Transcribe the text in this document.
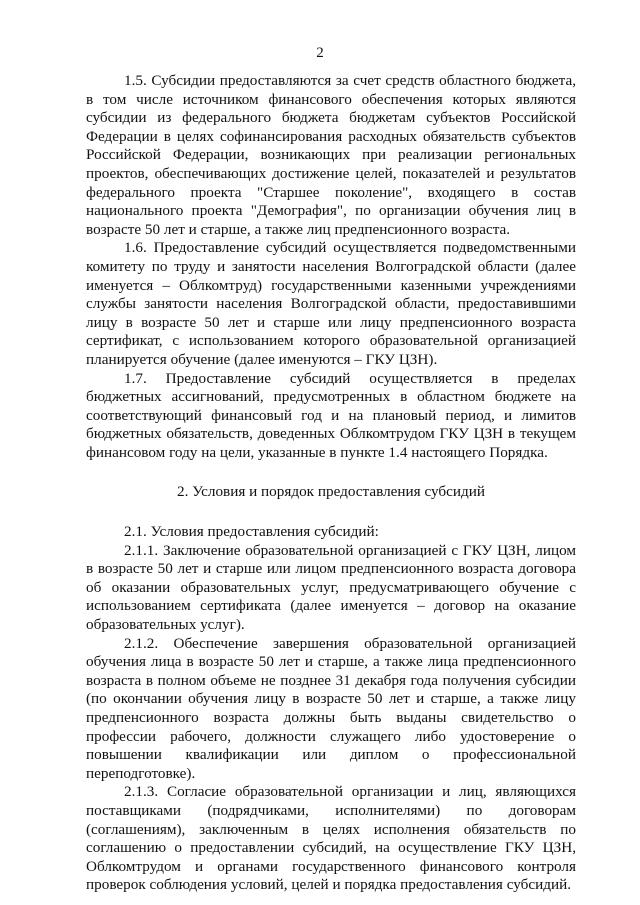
2

1.5. Субсидии предоставляются за счет средств областного бюджета, в том числе источником финансового обеспечения которых являются субсидии из федерального бюджета бюджетам субъектов Российской Федерации в целях софинансирования расходных обязательств субъектов Российской Федерации, возникающих при реализации региональных проектов, обеспечивающих достижение целей, показателей и результатов федерального проекта "Старшее поколение", входящего в состав национального проекта "Демография", по организации обучения лиц в возрасте 50 лет и старше, а также лиц предпенсионного возраста.

1.6. Предоставление субсидий осуществляется подведомственными комитету по труду и занятости населения Волгоградской области (далее именуется – Облкомтруд) государственными казенными учреждениями службы занятости населения Волгоградской области, предоставившими лицу в возрасте 50 лет и старше или лицу предпенсионного возраста сертификат, с использованием которого образовательной организацией планируется обучение (далее именуются – ГКУ ЦЗН).

1.7. Предоставление субсидий осуществляется в пределах бюджетных ассигнований, предусмотренных в областном бюджете на соответствующий финансовый год и на плановый период, и лимитов бюджетных обязательств, доведенных Облкомтрудом ГКУ ЦЗН в текущем финансовом году на цели, указанные в пункте 1.4 настоящего Порядка.

2. Условия и порядок предоставления субсидий

2.1. Условия предоставления субсидий:

2.1.1. Заключение образовательной организацией с ГКУ ЦЗН, лицом в возрасте 50 лет и старше или лицом предпенсионного возраста договора об оказании образовательных услуг, предусматривающего обучение с использованием сертификата (далее именуется – договор на оказание образовательных услуг).

2.1.2. Обеспечение завершения образовательной организацией обучения лица в возрасте 50 лет и старше, а также лица предпенсионного возраста в полном объеме не позднее 31 декабря года получения субсидии (по окончании обучения лицу в возрасте 50 лет и старше, а также лицу предпенсионного возраста должны быть выданы свидетельство о профессии рабочего, должности служащего либо удостоверение о повышении квалификации или диплом о профессиональной переподготовке).

2.1.3. Согласие образовательной организации и лиц, являющихся поставщиками (подрядчиками, исполнителями) по договорам (соглашениям), заключенным в целях исполнения обязательств по соглашению о предоставлении субсидий, на осуществление ГКУ ЦЗН, Облкомтрудом и органами государственного финансового контроля проверок соблюдения условий, целей и порядка предоставления субсидий.
